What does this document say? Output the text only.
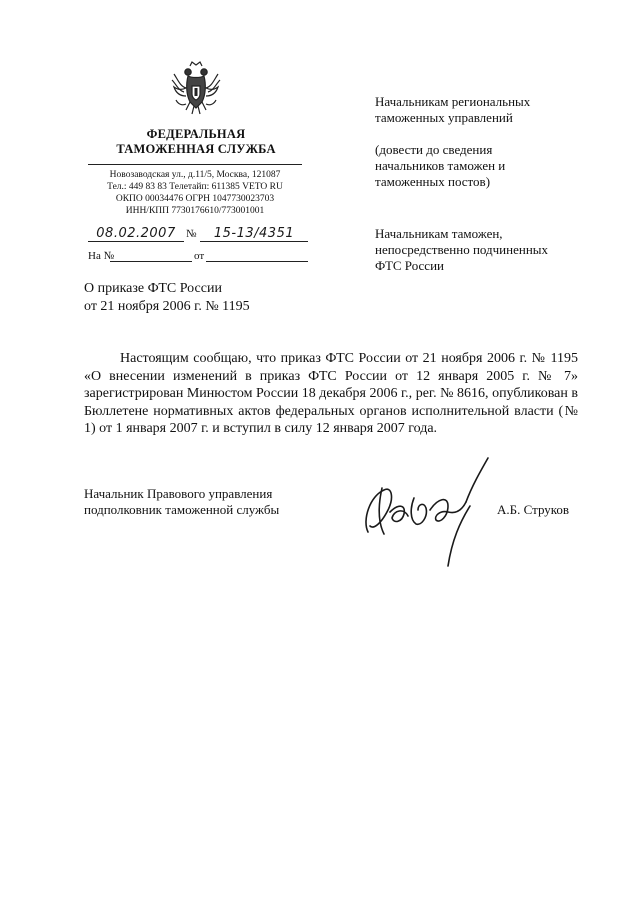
ФЕДЕРАЛЬНАЯ
ТАМОЖЕННАЯ СЛУЖБА
Новозаводская ул., д.11/5, Москва, 121087
Тел.: 449 83 83 Телетайп: 611385 VETO RU
ОКПО 00034476 ОГРН 1047730023703
ИНН/КПП 7730176610/773001001
08.02.2007 №	15-13/4351
На №	от
О приказе ФТС России
от 21 ноября 2006 г. № 1195
Начальникам региональных
таможенных управлений
(довести до сведения
начальников таможен и
таможенных постов)
Начальникам таможен,
непосредственно подчиненных
ФТС России
Настоящим сообщаю, что приказ ФТС России от 21 ноября 2006 г. № 1195 «О внесении изменений в приказ ФТС России от 12 января 2005 г. № 7» зарегистрирован Минюстом России 18 декабря 2006 г., рег. № 8616, опубликован в Бюллетене нормативных актов федеральных органов исполнительной власти (№ 1) от 1 января 2007 г. и вступил в силу 12 января 2007 года.
Начальник Правового управления
подполковник таможенной службы	А.Б. Струков
